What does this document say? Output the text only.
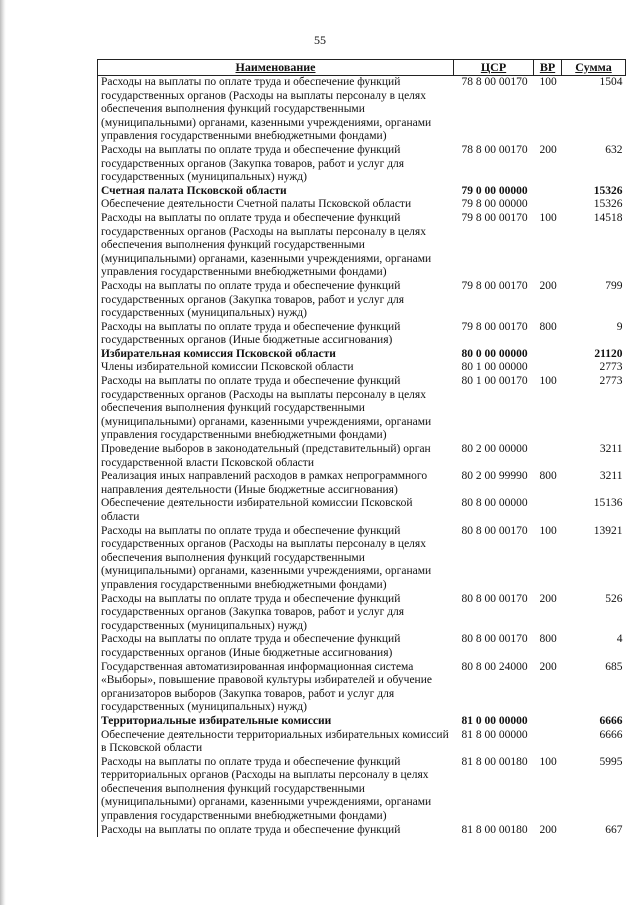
55
Наименование	ЦСР	ВР	Сумма
Расходы на выплаты по оплате труда и обеспечение функций государственных органов (Расходы на выплаты персоналу в целях обеспечения выполнения функций государственными (муниципальными) органами, казенными учреждениями, органами управления государственными внебюджетными фондами)	78 8 00 00170	100	1504
Расходы на выплаты по оплате труда и обеспечение функций государственных органов (Закупка товаров, работ и услуг для государственных (муниципальных) нужд)	78 8 00 00170	200	632
Счетная палата Псковской области	79 0 00 00000		15326
Обеспечение деятельности Счетной палаты Псковской области	79 8 00 00000		15326
Расходы на выплаты по оплате труда и обеспечение функций государственных органов (Расходы на выплаты персоналу в целях обеспечения выполнения функций государственными (муниципальными) органами, казенными учреждениями, органами управления государственными внебюджетными фондами)	79 8 00 00170	100	14518
Расходы на выплаты по оплате труда и обеспечение функций государственных органов (Закупка товаров, работ и услуг для государственных (муниципальных) нужд)	79 8 00 00170	200	799
Расходы на выплаты по оплате труда и обеспечение функций государственных органов (Иные бюджетные ассигнования)	79 8 00 00170	800	9
Избирательная комиссия Псковской области	80 0 00 00000		21120
Члены избирательной комиссии Псковской области	80 1 00 00000		2773
Расходы на выплаты по оплате труда и обеспечение функций государственных органов (Расходы на выплаты персоналу в целях обеспечения выполнения функций государственными (муниципальными) органами, казенными учреждениями, органами управления государственными внебюджетными фондами)	80 1 00 00170	100	2773
Проведение выборов в законодательный (представительный) орган государственной власти Псковской области	80 2 00 00000		3211
Реализация иных направлений расходов в рамках непрограммного направления деятельности (Иные бюджетные ассигнования)	80 2 00 99990	800	3211
Обеспечение деятельности избирательной комиссии Псковской области	80 8 00 00000		15136
Расходы на выплаты по оплате труда и обеспечение функций государственных органов (Расходы на выплаты персоналу в целях обеспечения выполнения функций государственными (муниципальными) органами, казенными учреждениями, органами управления государственными внебюджетными фондами)	80 8 00 00170	100	13921
Расходы на выплаты по оплате труда и обеспечение функций государственных органов (Закупка товаров, работ и услуг для государственных (муниципальных) нужд)	80 8 00 00170	200	526
Расходы на выплаты по оплате труда и обеспечение функций государственных органов (Иные бюджетные ассигнования)	80 8 00 00170	800	4
Государственная автоматизированная информационная система «Выборы», повышение правовой культуры избирателей и обучение организаторов выборов (Закупка товаров, работ и услуг для государственных (муниципальных) нужд)	80 8 00 24000	200	685
Территориальные избирательные комиссии	81 0 00 00000		6666
Обеспечение деятельности территориальных избирательных комиссий в Псковской области	81 8 00 00000		6666
Расходы на выплаты по оплате труда и обеспечение функций территориальных органов (Расходы на выплаты персоналу в целях обеспечения выполнения функций государственными (муниципальными) органами, казенными учреждениями, органами управления государственными внебюджетными фондами)	81 8 00 00180	100	5995
Расходы на выплаты по оплате труда и обеспечение функций	81 8 00 00180	200	667
